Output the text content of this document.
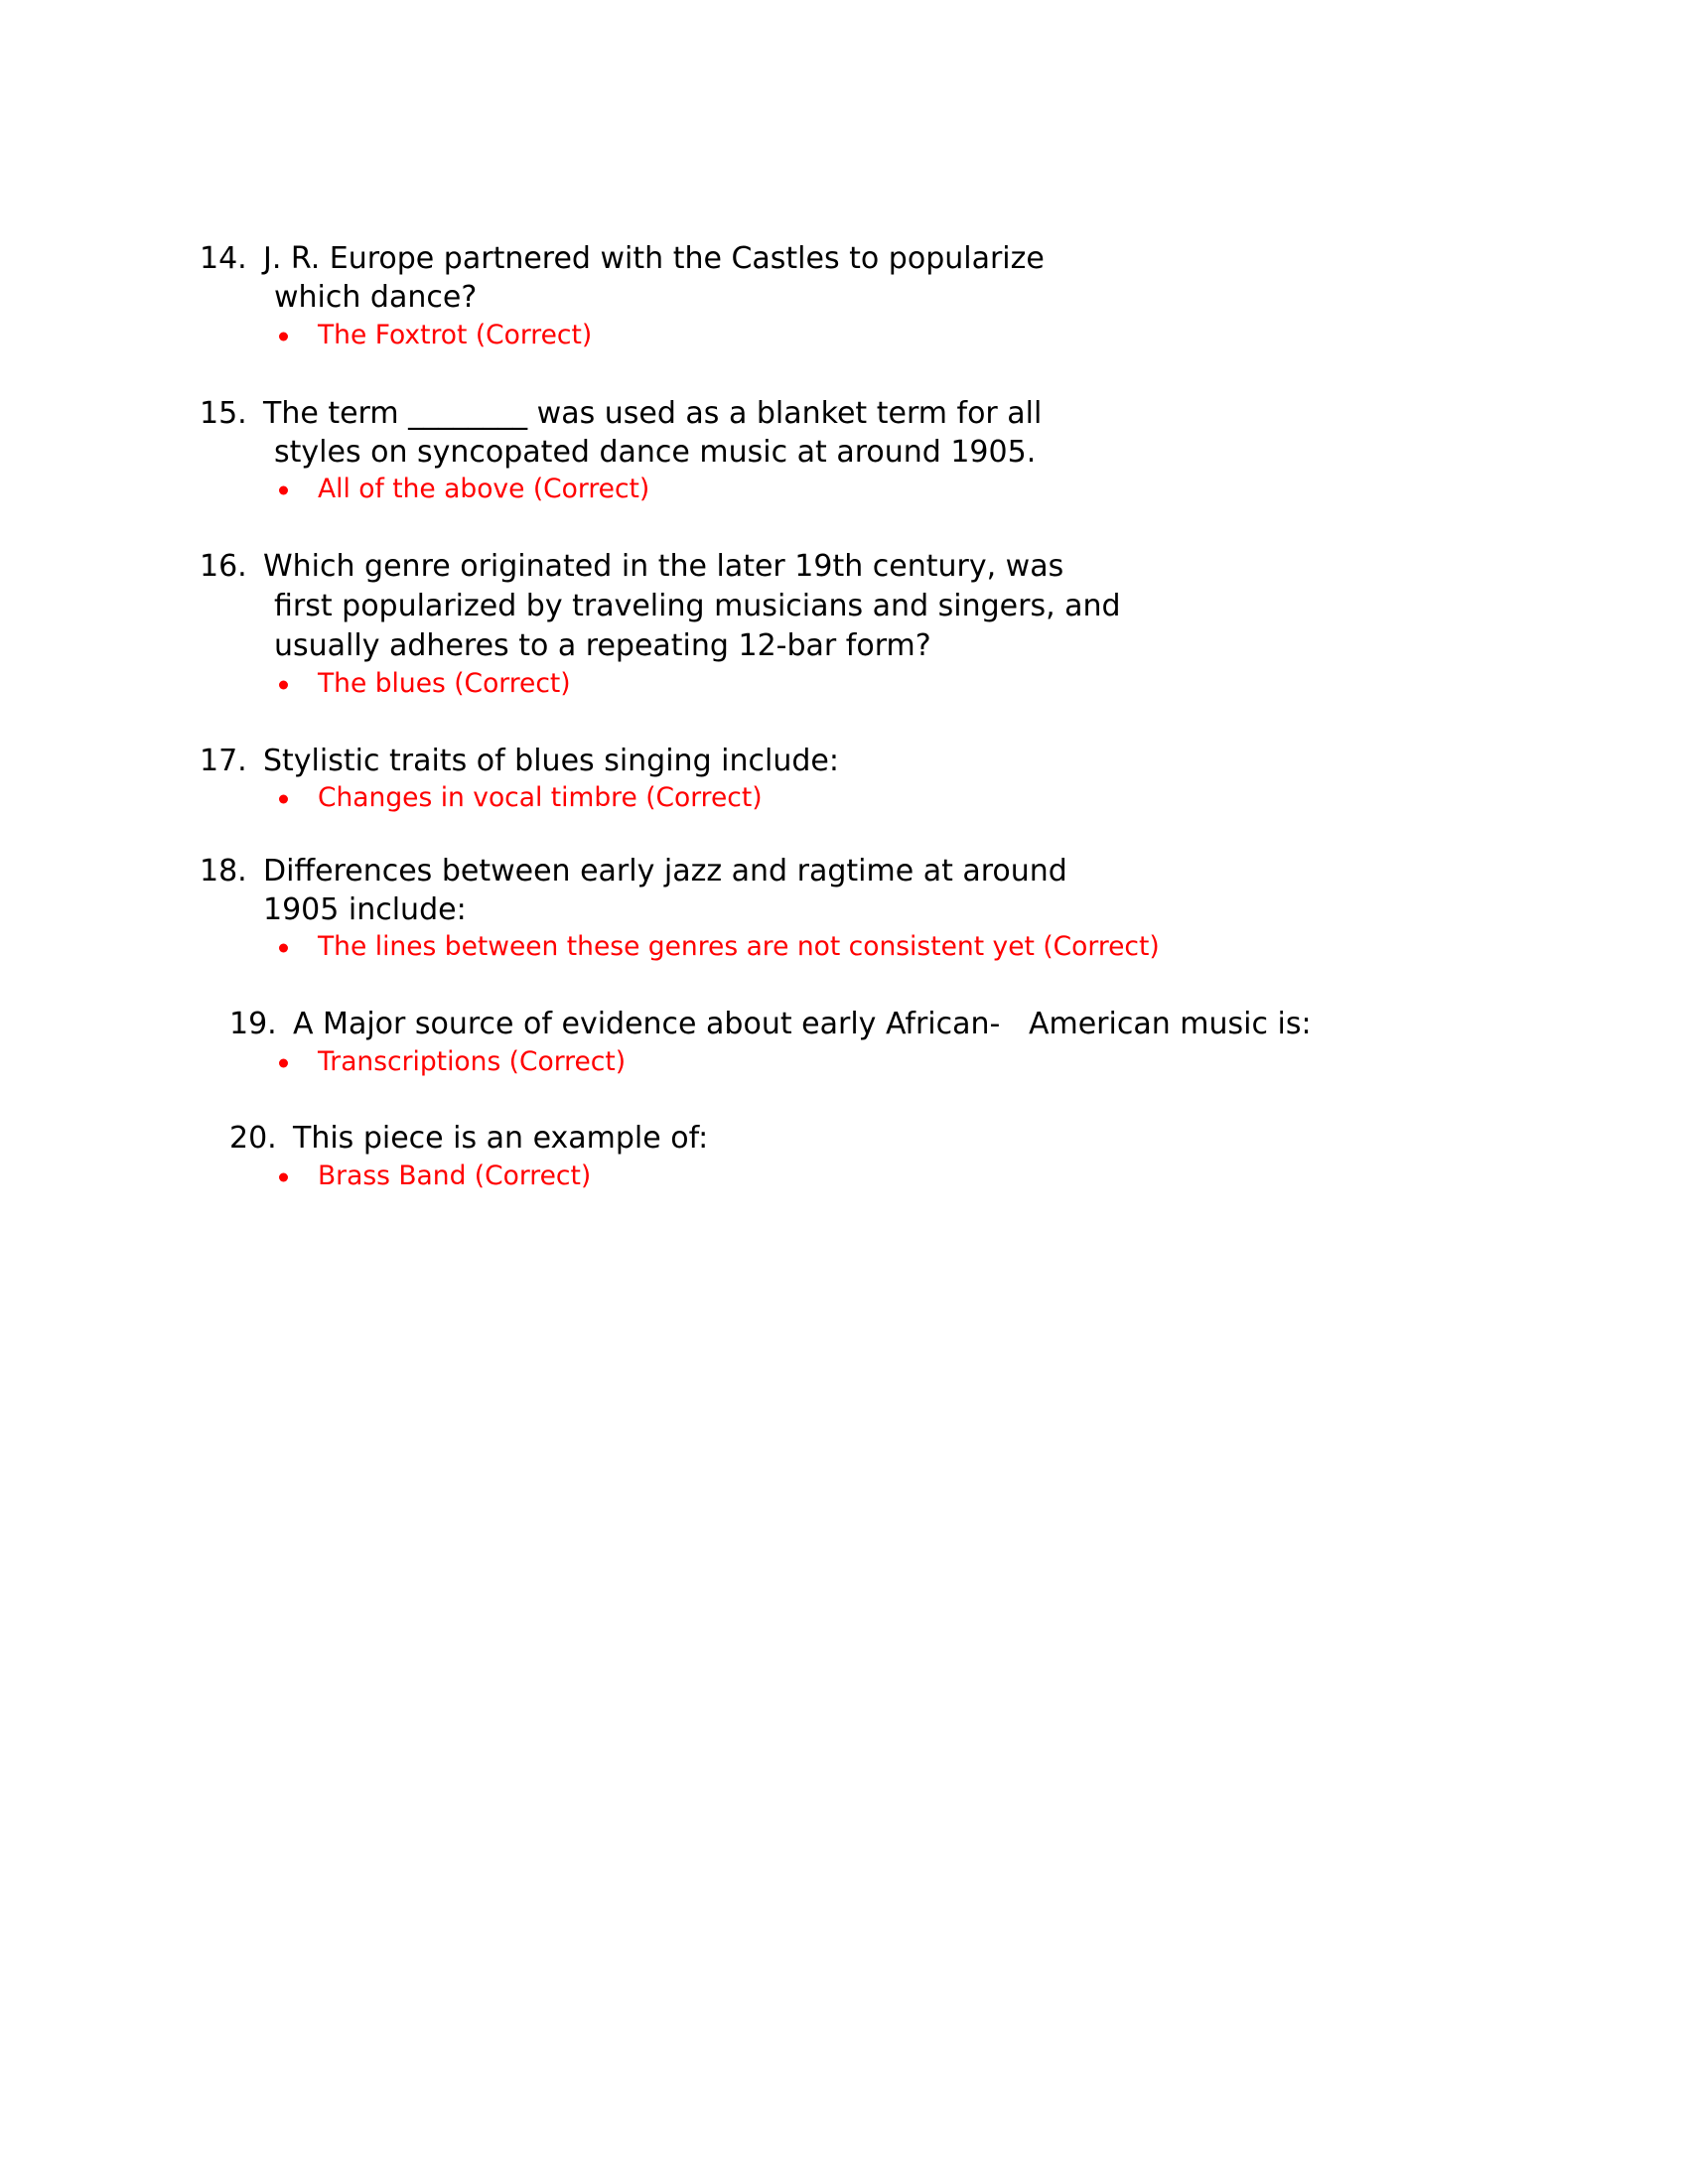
14. J. R. Europe partnered with the Castles to popularize
which dance?
The Foxtrot (Correct)
15. The term ________ was used as a blanket term for all
styles on syncopated dance music at around 1905.
All of the above (Correct)
16. Which genre originated in the later 19th century, was
first popularized by traveling musicians and singers, and
usually adheres to a repeating 12-bar form?
The blues (Correct)
17. Stylistic traits of blues singing include:
Changes in vocal timbre (Correct)
18. Differences between early jazz and ragtime at around
1905 include:
The lines between these genres are not consistent yet (Correct)
19. A Major source of evidence about early African-   American music is:
Transcriptions (Correct)
20. This piece is an example of:
Brass Band (Correct)
